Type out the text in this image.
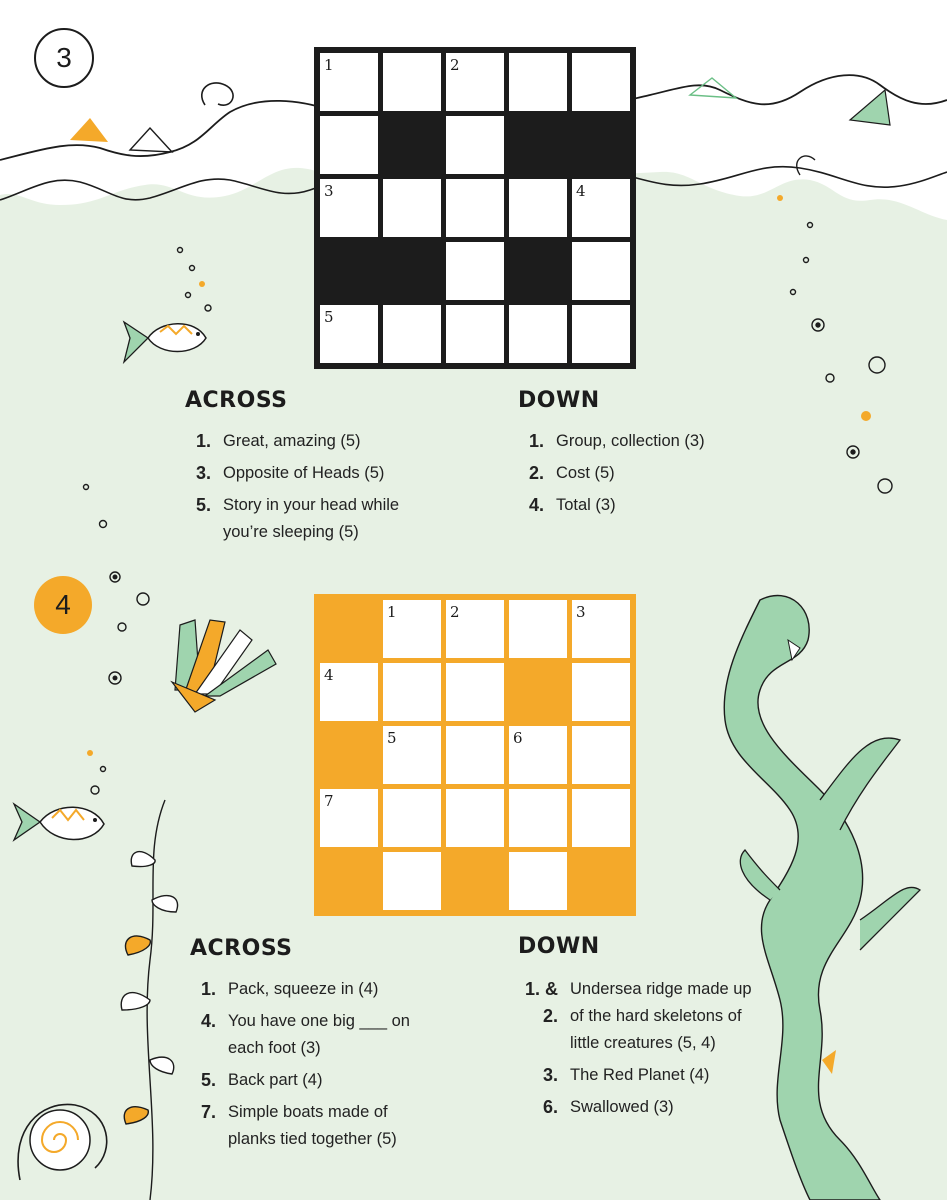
3	1	2
3	4
5
ACROSS
1. Great, amazing (5)
3. Opposite of Heads (5)
5. Story in your head while you’re sleeping (5)
DOWN
1. Group, collection (3)
2. Cost (5)
4. Total (3)
4	1	2	3
4
5	6
7
ACROSS
1. Pack, squeeze in (4)
4. You have one big ___ on each foot (3)
5. Back part (4)
7. Simple boats made of planks tied together (5)
DOWN
1. & 2.
Undersea ridge made up of the hard skeletons of little creatures (5, 4)
3. The Red Planet (4)
6. Swallowed (3)
